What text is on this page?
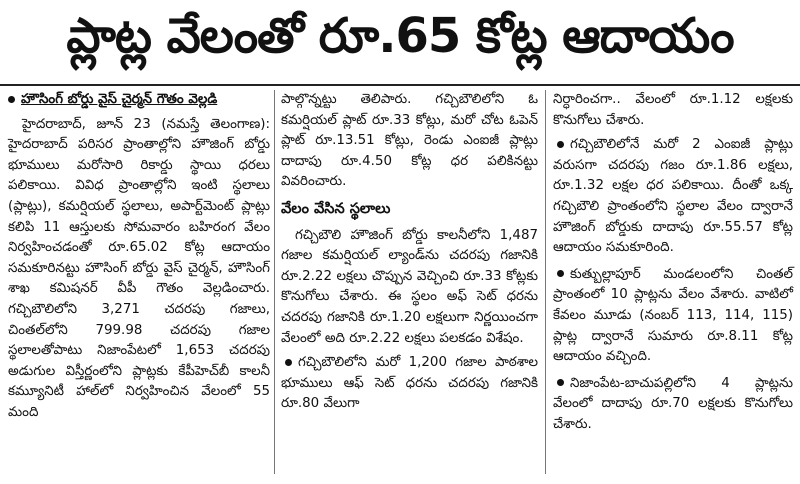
ప్లాట్ల వేలంతో రూ.65 కోట్ల ఆదాయం
హౌసింగ్ బోర్డు వైస్ చైర్మన్ గౌతం వెల్లడి

హైదరాబాద్, జూన్ 23 (నమస్తే తెలంగాణ): హైదరాబాద్ పరిసర ప్రాంతాల్లోని హౌజింగ్ బోర్డు భూములు మరోసారి రికార్డు స్థాయి ధరలు పలికాయి. వివిధ ప్రాంతాల్లోని ఇంటి స్థలాలు (ప్లాట్లు), కమర్షియల్ స్థలాలు, అపార్ట్‌మెంట్ ప్లాట్లు కలిపి 11 ఆస్తులకు సోమవారం బహిరంగ వేలం నిర్వహించడంతో రూ.65.02 కోట్ల ఆదాయం సమకూరినట్టు హౌసింగ్ బోర్డు వైస్ చైర్మన్, హౌసింగ్ శాఖ కమిషనర్ వీపీ గౌతం వెల్లడించారు. గచ్చిబౌలిలోని 3,271 చదరపు గజాలు, చింతల్‌లోని 799.98 చదరపు గజాల స్థలాలతోపాటు నిజాంపేటలో 1,653 చదరపు అడుగుల విస్తీర్ణంలోని ప్లాట్లకు కేపీహెచ్‌బీ కాలనీ కమ్యూనిటీ హాల్‌లో నిర్వహించిన వేలంలో 55 మంది

పాల్గొన్నట్టు తెలిపారు. గచ్చిబౌలిలోని ఓ కమర్షియల్ ప్లాట్ రూ.33 కోట్లు, మరో చోట ఓపెన్ ప్లాట్ రూ.13.51 కోట్లు, రెండు ఎంఐజీ ప్లాట్లు దాదాపు రూ.4.50 కోట్ల ధర పలికినట్టు వివరించారు.

వేలం వేసిన స్థలాలు

గచ్చిబౌలి హౌజింగ్ బోర్డు కాలనీలోని 1,487 గజాల కమర్షియల్ ల్యాండ్‌ను చదరపు గజానికి రూ.2.22 లక్షలు చొప్పున వెచ్చించి రూ.33 కోట్లకు కొనుగోలు చేశారు. ఈ స్థలం అఫ్ సెట్ ధరను చదరపు గజానికి రూ.1.20 లక్షలుగా నిర్ణయించగా వేలంలో అది రూ.2.22 లక్షలు పలకడం విశేషం.

గచ్చిబౌలిలోని మరో 1,200 గజాల పాఠశాల భూములు ఆఫ్ సెట్ ధరను చదరపు గజానికి రూ.80 వేలుగా

నిర్ధారించగా.. వేలంలో రూ.1.12 లక్షలకు కొనుగోలు చేశారు.

గచ్చిబౌలిలోనే మరో 2 ఎంఐజీ ప్లాట్లు వరుసగా చదరపు గజం రూ.1.86 లక్షలు, రూ.1.32 లక్షల ధర పలికాయి. దీంతో ఒక్క గచ్చిబౌలి ప్రాంతంలోని స్థలాల వేలం ద్వారానే హౌజింగ్ బోర్డుకు దాదాపు రూ.55.57 కోట్ల ఆదాయం సమకూరింది.
కుత్బుల్లాపూర్ మండలంలోని చింతల్ ప్రాంతంలో 10 ప్లాట్లను వేలం వేశారు. వాటిలో కేవలం మూడు (నంబర్ 113, 114, 115) ప్లాట్ల ద్వారానే సుమారు రూ.8.11 కోట్ల ఆదాయం వచ్చింది.
నిజాంపేట-బాచుపల్లిలోని 4 ప్లాట్లను వేలంలో దాదాపు రూ.70 లక్షలకు కొనుగోలు చేశారు.
